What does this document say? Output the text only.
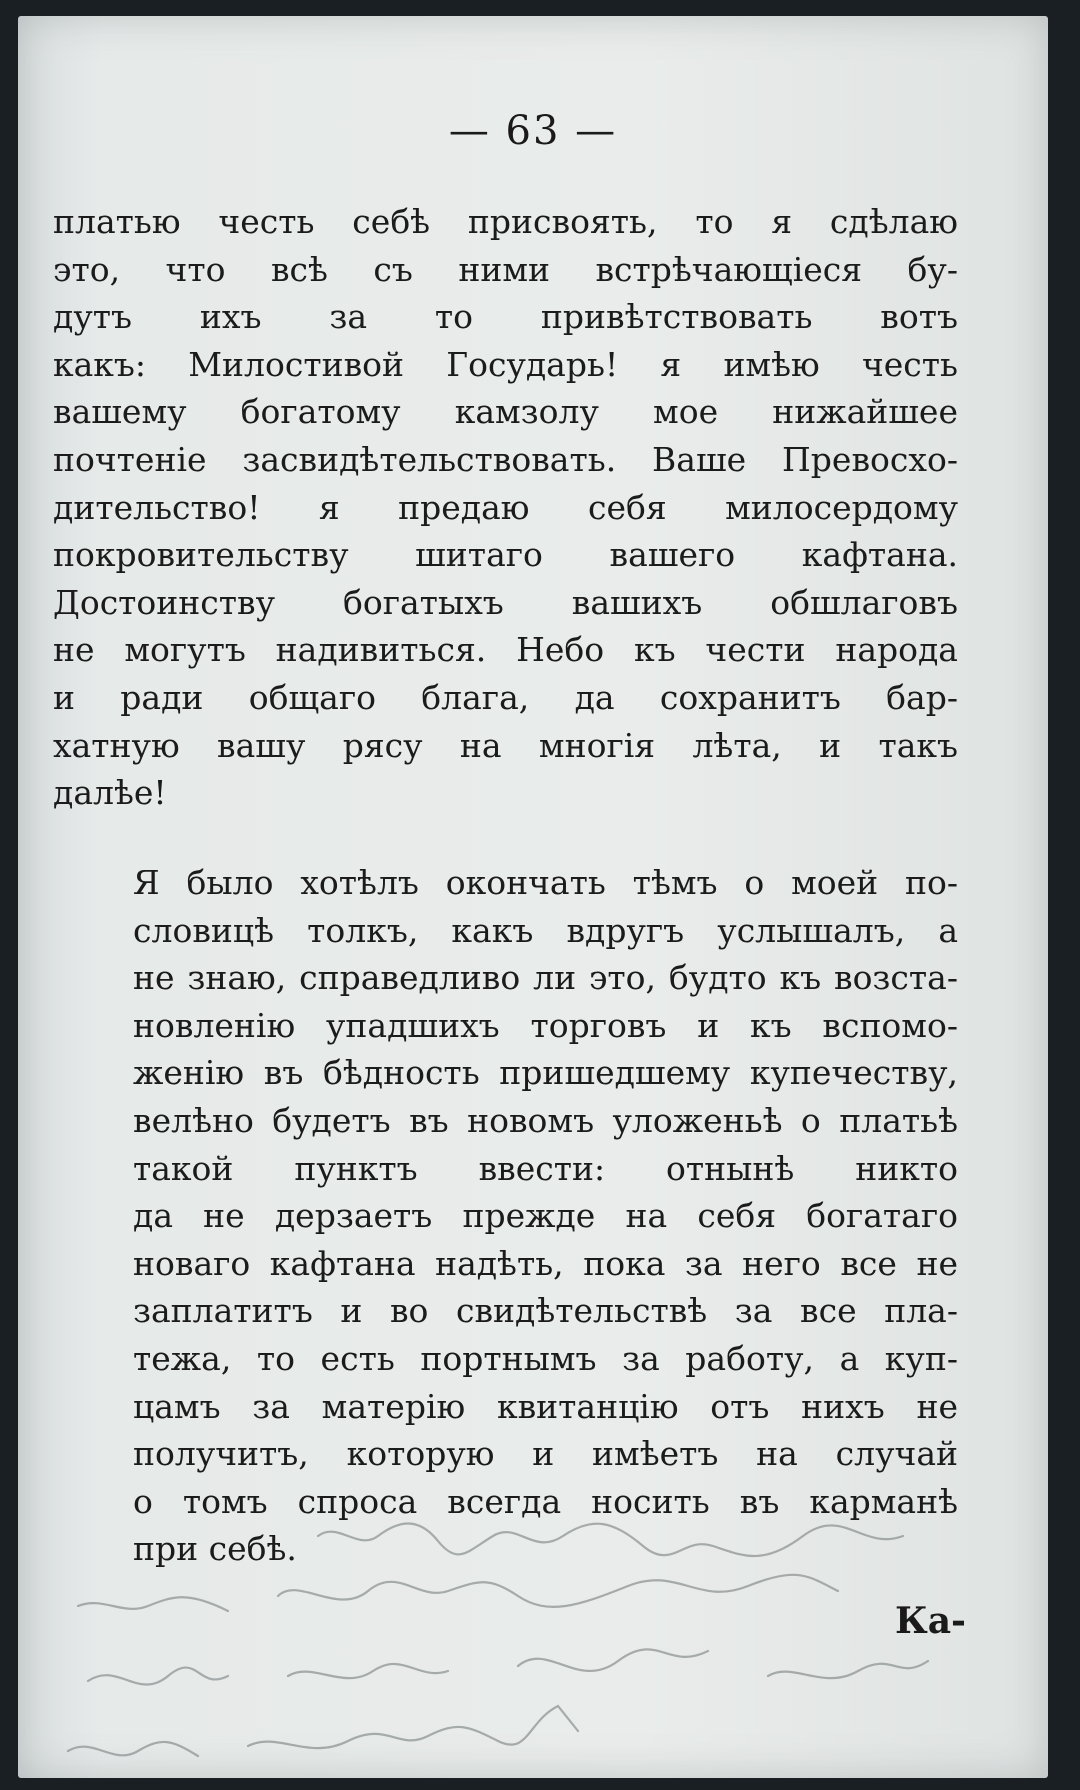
— 63 —
платью честь себѣ присвоять, то я сдѣлаю
это, что всѣ съ ними встрѣчающіеся бу-
дутъ ихъ за то привѣтствовать вотъ
какъ: Милостивой Государь! я имѣю честь
вашему богатому камзолу мое нижайшее
почтеніе засвидѣтельствовать. Ваше Превосхо-
дительство! я предаю себя милосердому
покровительству шитаго вашего кафтана.
Достоинству богатыхъ вашихъ обшлаговъ
не могутъ надивиться. Небо къ чести народа
и ради общаго блага, да сохранитъ бар-
хатную вашу рясу на многія лѣта, и такъ
далѣе!
Я было хотѣлъ окончать тѣмъ о моей по-
словицѣ толкъ, какъ вдругъ услышалъ, а
не знаю, справедливо ли это, будто къ возста-
новленію упадшихъ торговъ и къ вспомо-
женію въ бѣдность пришедшему купечеству,
велѣно будетъ въ новомъ уложеньѣ о платьѣ
такой пунктъ ввести: отнынѣ никто
да не дерзаетъ прежде на себя богатаго
новаго кафтана надѣть, пока за него все не
заплатитъ и во свидѣтельствѣ за все пла-
тежа, то есть портнымъ за работу, а куп-
цамъ за матерію квитанцію отъ нихъ не
получитъ, которую и имѣетъ на случай
о томъ спроса всегда носить въ карманѣ
при себѣ.
Ка-
